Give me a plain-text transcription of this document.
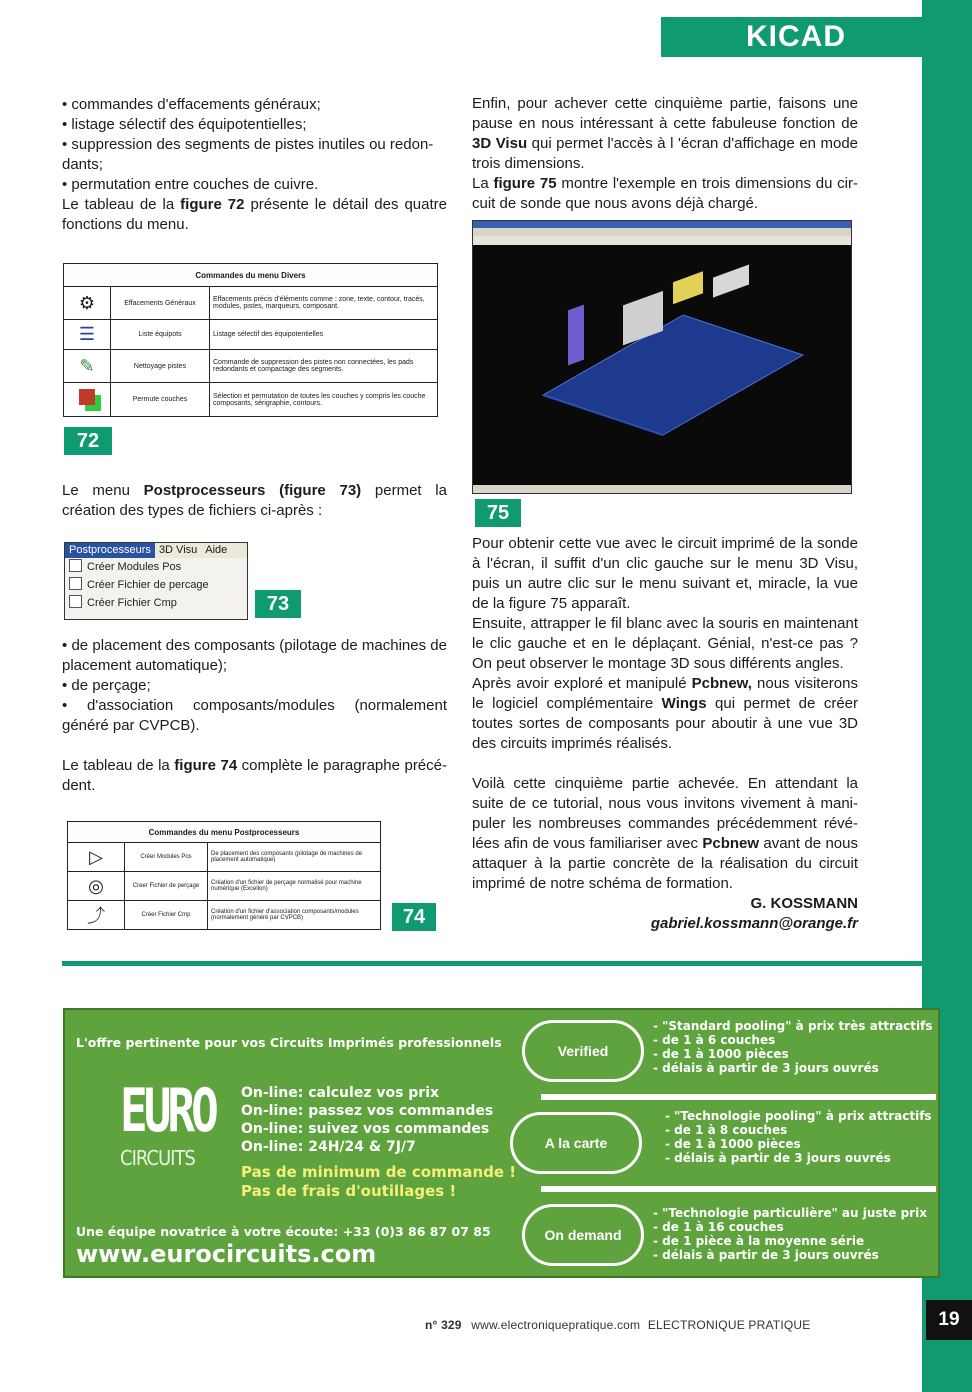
KICAD

• commandes d'effacements généraux;

• listage sélectif des équipotentielles;

• suppression des segments de pistes inutiles ou redon-dants;

• permutation entre couches de cuivre.

Le tableau de la figure 72 présente le détail des quatre fonctions du menu.

Commandes du menu Divers		
⚙	Effacements Généraux	Effacements précis d'éléments comme : zone, texte, contour, tracés, modules, pistes, marqueurs, composant.
☰	Liste équipots	Listage sélectif des équipotentielles
✎	Nettoyage pistes	Commande de suppression des pistes non connectées, les pads redondants et compactage des segments.
	Permute couches	Sélection et permutation de toutes les couches y compris les couche composants, sérigraphie, contours.
72

Le menu Postprocesseurs (figure 73) permet la création des types de fichiers ci-après :

Postprocesseurs 3D Visu Aide
Créer Modules Pos
Créer Fichier de percage
Créer Fichier Cmp	73

• de placement des composants (pilotage de machines de placement automatique);

• de perçage;

• d'association composants/modules (normalement généré par CVPCB).

Le tableau de la figure 74 complète le paragraphe précé-dent.

Commandes du menu Postprocesseurs		
▷	Créer Modules Pos	De placement des composants (pilotage de machines de placement automatique)
◎	Creer Fichier de perçage	Création d'un fichier de perçage normalisé pour machine numérique (Excellon)
⤴	Créer Fichier Cmp	Création d'un fichier d'association composants/modules (normalement généré par CVPCB)	74

Enfin, pour achever cette cinquième partie, faisons une pause en nous intéressant à cette fabuleuse fonction de 3D Visu qui permet l'accès à l 'écran d'affichage en mode trois dimensions.

La figure 75 montre l'exemple en trois dimensions du cir-cuit de sonde que nous avons déjà chargé.

75

Pour obtenir cette vue avec le circuit imprimé de la sonde à l'écran, il suffit d'un clic gauche sur le menu 3D Visu, puis un autre clic sur le menu suivant et, miracle, la vue de la figure 75 apparaît.

Ensuite, attrapper le fil blanc avec la souris en maintenant le clic gauche et en le déplaçant. Génial, n'est-ce pas ? On peut observer le montage 3D sous différents angles.

Après avoir exploré et manipulé Pcbnew, nous visiterons le logiciel complémentaire Wings qui permet de créer toutes sortes de composants pour aboutir à une vue 3D des circuits imprimés réalisés.

Voilà cette cinquième partie achevée. En attendant la suite de ce tutorial, nous vous invitons vivement à mani-puler les nombreuses commandes précédemment révé-lées afin de vous familiariser avec Pcbnew avant de nous attaquer à la partie concrète de la réalisation du circuit imprimé de notre schéma de formation.

G. KOSSMANN

gabriel.kossmann@orange.fr

L'offre pertinente pour vos Circuits Imprimés professionnels
EURO
CIRCUITS
On-line: calculez vos prix
On-line: passez vos commandes
On-line: suivez vos commandes
On-line: 24H/24 & 7J/7
Pas de minimum de commande !
Pas de frais d'outillages !
Une équipe novatrice à votre écoute: +33 (0)3 86 87 07 85
www.eurocircuits.com
Verified
- "Standard pooling" à prix très attractifs
- de 1 à 6 couches
- de 1 à 1000 pièces
- délais à partir de 3 jours ouvrés
A la carte
- "Technologie pooling" à prix attractifs
- de 1 à 8 couches
- de 1 à 1000 pièces
- délais à partir de 3 jours ouvrés
On demand
- "Technologie particulière" au juste prix
- de 1 à 16 couches
- de 1 pièce à la moyenne série
- délais à partir de 3 jours ouvrés
n° 329 www.electroniquepratique.com ELECTRONIQUE PRATIQUE	19
